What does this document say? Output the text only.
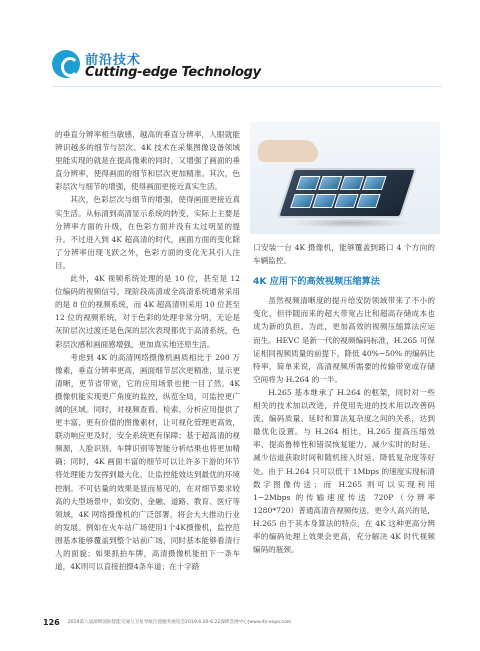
前沿技术
Cutting-edge Technology

的垂直分辨率相当敏感，越高的垂直分辨率，人眼就能辨识越多的细节与层次。4K 技术在采集图像设备领域里能实现的就是在提高像素的同时，又增强了画面的垂直分辨率，使得画面的细节和层次更加精准。其次，色彩层次与细节的增强，使得画面更接近真实生活。

其次，色彩层次与细节的增强，使得画面更接近真实生活。从标清到高清显示系统的转变，实际上主要是分辨率方面的升级，在色彩方面并没有太过明显的提升。不过进入到 4K 超高清的时代，画面方面的变化除了分辨率出现飞跃之外，色彩方面的变化无其引人注目。

此外，4K 视频系统处理的是 10 位，甚至是 12 位编码的视频信号，现阶段高清或全高清系统通常采用的是 8 位的视频系统，而 4K 超高清则采用 10 位甚至 12 位的视频系统，对于色彩的处理非常分明，无论是灰阶层次过渡还是色深的层次表现都优于高清系统，色彩层次感和画面感增强，更加真实地还原生活。

考虑到 4K 的高清网络摄像机画质相比于 200 万像素，垂直分辨率更高，画面细节层次更精准，显示更清晰，更节省带宽，它的应用场景也便一目了然。4K 摄像机能实现更广角度的监控，纵览全局，可监控更广阔的区域。同时，对视频查看、检索、分析应用提供了更丰富、更有价值的图像素材，让可视化管理更高效，联动响应更及时，安全系统更有保障；基于超高清的视频源，人脸识别、车牌识别等智能分析结果也将更加精确；同时，4K 画面丰富的细节可以让许多下游的环节将处理能力发挥到最大化，让监控能效达到最优的环境控制。不可估量的效果是显而易见的，在对细节要求较高的大型场景中，如安防、金融、道路、教育、医疗等领域，4K 网络摄像机的广泛部署，将会大大推动行业的发展。例如在火车站广场使用1个4K摄像机，监控范围基本能够覆盖到整个站前广场，同时基本能够看清行人的面貌；如果抓拍车牌，高清摄像机能拍下一条车道，4K则可以直接拍摄4条车道；在十字路

口安装一台 4K 摄像机，能够覆盖到路口 4 个方向的车辆监控。

4K 应用下的高效视频压缩算法

虽然视频清晰度的提升给安防领域带来了不小的变化，但伴随而来的超大带宽占比和超高存储成本也成为新的负担。为此，更加高效的视频压缩算法应运而生。HEVC 是新一代的视频编码标准，H.265 可保证相同视频质量的前提下，降低 40%~50% 的编码比特率，简单来说，高清视频所需要的传输带宽或存储空间将为 H.264 的一半。

H.265 基本继承了 H.264 的框架，同时对一些相关的技术加以改进，并使用先进的技术用以改善码流、编码质量、延时和算法复杂度之间的关系，达到最优化设置。与 H.264 相比，H.265 提高压缩效率、提高鲁棒性和错误恢复能力、减少实时的时延、减少信道获取时间和随机接入时延、降低复杂度等好处。由于 H.264 只可以低于 1Mbps 的速度实现标清数字图像传送；而 H.265 则可以实现利用 1~2Mbps 的传输速度传送 720P（分辨率 1280*720）普通高清音视频传送，更令人高兴的是，H.265 由于其本身算法的特点，在 4K 这种更高分辨率的编码处理上效果会更高，充分解决 4K 时代视频编码的瓶颈。

126 2019第八届深圳国际智能交通与卫星导航位置服务展览会2019.6.20-6.22深圳会展中心|www.its-expo.com
